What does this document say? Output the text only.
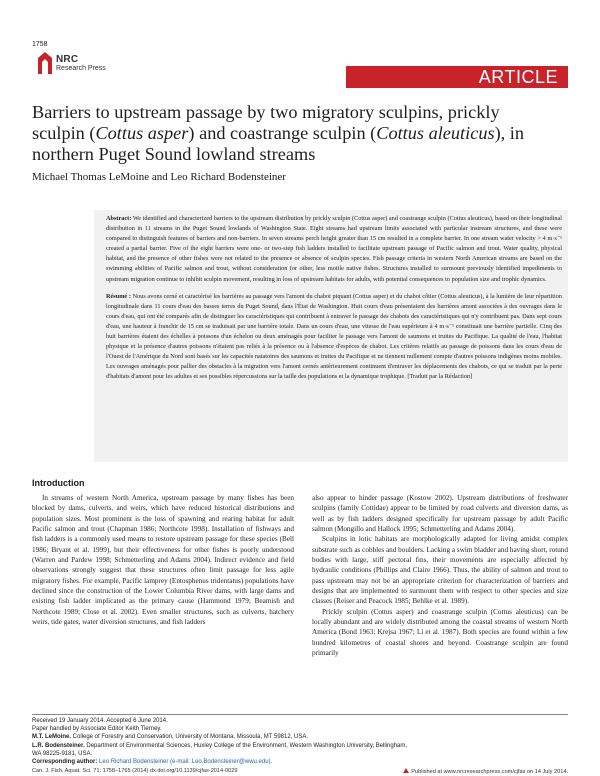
1758
NRC
Research Press	ARTICLE
Barriers to upstream passage by two migratory sculpins, prickly sculpin (Cottus asper) and coastrange sculpin (Cottus aleuticus), in northern Puget Sound lowland streams
Michael Thomas LeMoine and Leo Richard Bodensteiner

Abstract: We identified and characterized barriers to the upstream distribution by prickly sculpin (Cottus asper) and coastrange sculpin (Cottus aleuticus), based on their longitudinal distribution in 11 streams in the Puget Sound lowlands of Washington State. Eight streams had upstream limits associated with particular instream structures, and these were compared to distinguish features of barriers and non-barriers. In seven streams perch height greater than 15 cm resulted in a complete barrier. In one stream water velocity > 4 m·s⁻¹ created a partial barrier. Five of the eight barriers were one- or two-step fish ladders installed to facilitate upstream passage of Pacific salmon and trout. Water quality, physical habitat, and the presence of other fishes were not related to the presence or absence of sculpin species. Fish passage criteria in western North American streams are based on the swimming abilities of Pacific salmon and trout, without consideration for other, less motile native fishes. Structures installed to surmount previously identified impediments to upstream migration continue to inhibit sculpin movement, resulting in loss of upstream habitats for adults, with potential consequences to population size and trophic dynamics.

Résumé : Nous avons cerné et caractérisé les barrières au passage vers l'amont du chabot piquant (Cottus asper) et du chabot côtier (Cottus aleuticus), à la lumière de leur répartition longitudinale dans 11 cours d'eau des basses terres du Puget Sound, dans l'État de Washington. Huit cours d'eau présentaient des barrières amont associées à des ouvrages dans le cours d'eau, qui ont été comparés afin de distinguer les caractéristiques qui contribuent à entraver le passage des chabots des caractéristiques qui n'y contribuent pas. Dans sept cours d'eau, une hauteur à franchir de 15 cm se traduisait par une barrière totale. Dans un cours d'eau, une vitesse de l'eau supérieure à 4 m·s⁻¹ constituait une barrière partielle. Cinq des huit barrières étaient des échelles à poissons d'un échelon ou deux aménagés pour faciliter le passage vers l'amont de saumons et truites du Pacifique. La qualité de l'eau, l'habitat physique et la présence d'autres poissons n'étaient pas reliés à la présence ou à l'absence d'espèces de chabot. Les critères relatifs au passage de poissons dans les cours d'eau de l'Ouest de l'Amérique du Nord sont basés sur les capacités natatoires des saumons et truites du Pacifique et ne tiennent nullement compte d'autres poissons indigènes moins mobiles. Les ouvrages aménagés pour pallier des obstacles à la migration vers l'amont cernés antérieurement continuent d'entraver les déplacements des chabots, ce qui se traduit par la perte d'habitats d'amont pour les adultes et ses possibles répercussions sur la taille des populations et la dynamique trophique. [Traduit par la Rédaction]

Introduction

In streams of western North America, upstream passage by many fishes has been blocked by dams, culverts, and weirs, which have reduced historical distributions and population sizes. Most prominent is the loss of spawning and rearing habitat for adult Pacific salmon and trout (Chapman 1986; Northcote 1998). Installation of fishways and fish ladders is a commonly used means to restore upstream passage for these species (Bell 1986; Bryant et al. 1999), but their effectiveness for other fishes is poorly understood (Warren and Pardew 1998; Schmetterling and Adams 2004). Indirect evidence and field observations strongly suggest that these structures often limit passage for less agile migratory fishes. For example, Pacific lamprey (Entosphenus tridentatus) populations have declined since the construction of the Lower Columbia River dams, with large dams and existing fish ladder implicated as the primary cause (Hammond 1979; Beamish and Northcote 1989; Close et al. 2002). Even smaller structures, such as culverts, hatchery weirs, tide gates, water diversion structures, and fish ladders

also appear to hinder passage (Kostow 2002). Upstream distributions of freshwater sculpins (family Cottidae) appear to be limited by road culverts and diversion dams, as well as by fish ladders designed specifically for upstream passage by adult Pacific salmon (Mongillo and Hallock 1995; Schmetterling and Adams 2004).

Sculpins in lotic habitats are morphologically adapted for living amidst complex substrate such as cobbles and boulders. Lacking a swim bladder and having short, rotund bodies with large, stiff pectoral fins, their movements are especially affected by hydraulic conditions (Phillips and Claire 1966). Thus, the ability of salmon and trout to pass upstream may not be an appropriate criterion for characterization of barriers and designs that are implemented to surmount them with respect to other species and size classes (Reiser and Peacock 1985; Behlke et al. 1989).

Prickly sculpin (Cottus asper) and coastrange sculpin (Cottus aleuticus) can be locally abundant and are widely distributed among the coastal streams of western North America (Bond 1963; Krejsa 1967; Li et al. 1987). Both species are found within a few hundred kilometres of coastal shores and beyond. Coastrange sculpin are found primarily

Received 19 January 2014. Accepted 6 June 2014.
Paper handled by Associate Editor Keith Tierney.
M.T. LeMoine. College of Forestry and Conservation, University of Montana, Missoula, MT 59812, USA.
L.R. Bodensteiner. Department of Environmental Sciences, Huxley College of the Environment, Western Washington University, Bellingham,
WA 98225-9181, USA.
Corresponding author: Leo Richard Bodensteiner (e-mail: Leo.Bodensteiner@wwu.edu).
Can. J. Fish. Aquat. Sci. 71: 1758–1765 (2014) dx.doi.org/10.1139/cjfas-2014-0029	Published at www.nrcresearchpress.com/cjfas on 14 July 2014.
